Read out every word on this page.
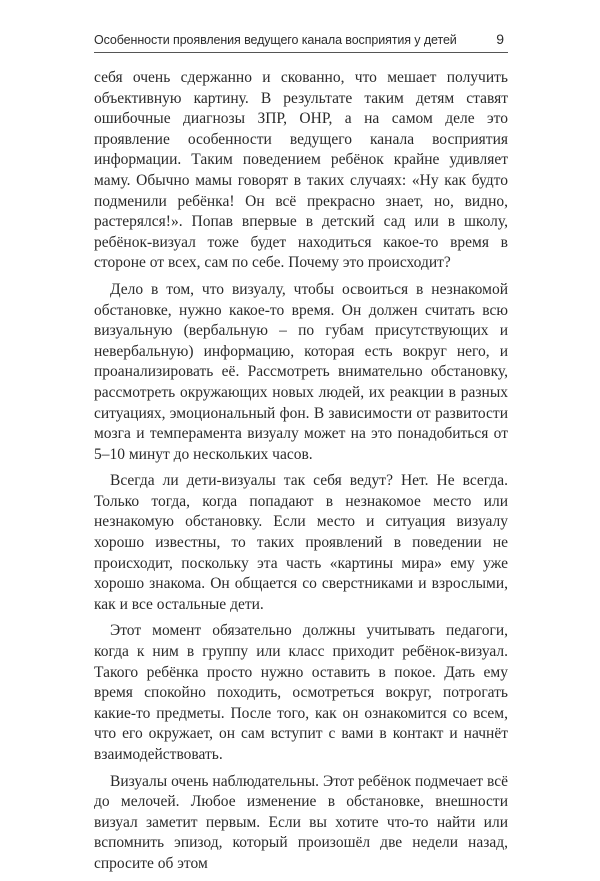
Особенности проявления ведущего канала восприятия у детей	9

себя очень сдержанно и скованно, что мешает получить объективную картину. В результате таким детям ставят ошибочные диагнозы ЗПР, ОНР, а на самом деле это проявление особенности ведущего канала восприятия информации. Таким поведением ребёнок крайне удивляет маму. Обычно мамы говорят в таких случаях: «Ну как будто подменили ребёнка! Он всё прекрасно знает, но, видно, растерялся!». Попав впервые в детский сад или в школу, ребёнок-визуал тоже будет находиться какое-то время в стороне от всех, сам по себе. Почему это происходит?

Дело в том, что визуалу, чтобы освоиться в незнакомой обстановке, нужно какое-то время. Он должен считать всю визуальную (вербальную – по губам присутствующих и невербальную) информацию, которая есть вокруг него, и проанализировать её. Рассмотреть внимательно обстановку, рассмотреть окружающих новых людей, их реакции в разных ситуациях, эмоциональный фон. В зависимости от развитости мозга и темперамента визуалу может на это понадобиться от 5–10 минут до нескольких часов.

Всегда ли дети-визуалы так себя ведут? Нет. Не всегда. Только тогда, когда попадают в незнакомое место или незнакомую обстановку. Если место и ситуация визуалу хорошо известны, то таких проявлений в поведении не происходит, поскольку эта часть «картины мира» ему уже хорошо знакома. Он общается со сверстниками и взрослыми, как и все остальные дети.

Этот момент обязательно должны учитывать педагоги, когда к ним в группу или класс приходит ребёнок-визуал. Такого ребёнка просто нужно оставить в покое. Дать ему время спокойно походить, осмотреться вокруг, потрогать какие-то предметы. После того, как он ознакомится со всем, что его окружает, он сам вступит с вами в контакт и начнёт взаимодействовать.

Визуалы очень наблюдательны. Этот ребёнок подмечает всё до мелочей. Любое изменение в обстановке, внешности визуал заметит первым. Если вы хотите что-то найти или вспомнить эпизод, который произошёл две недели назад, спросите об этом
